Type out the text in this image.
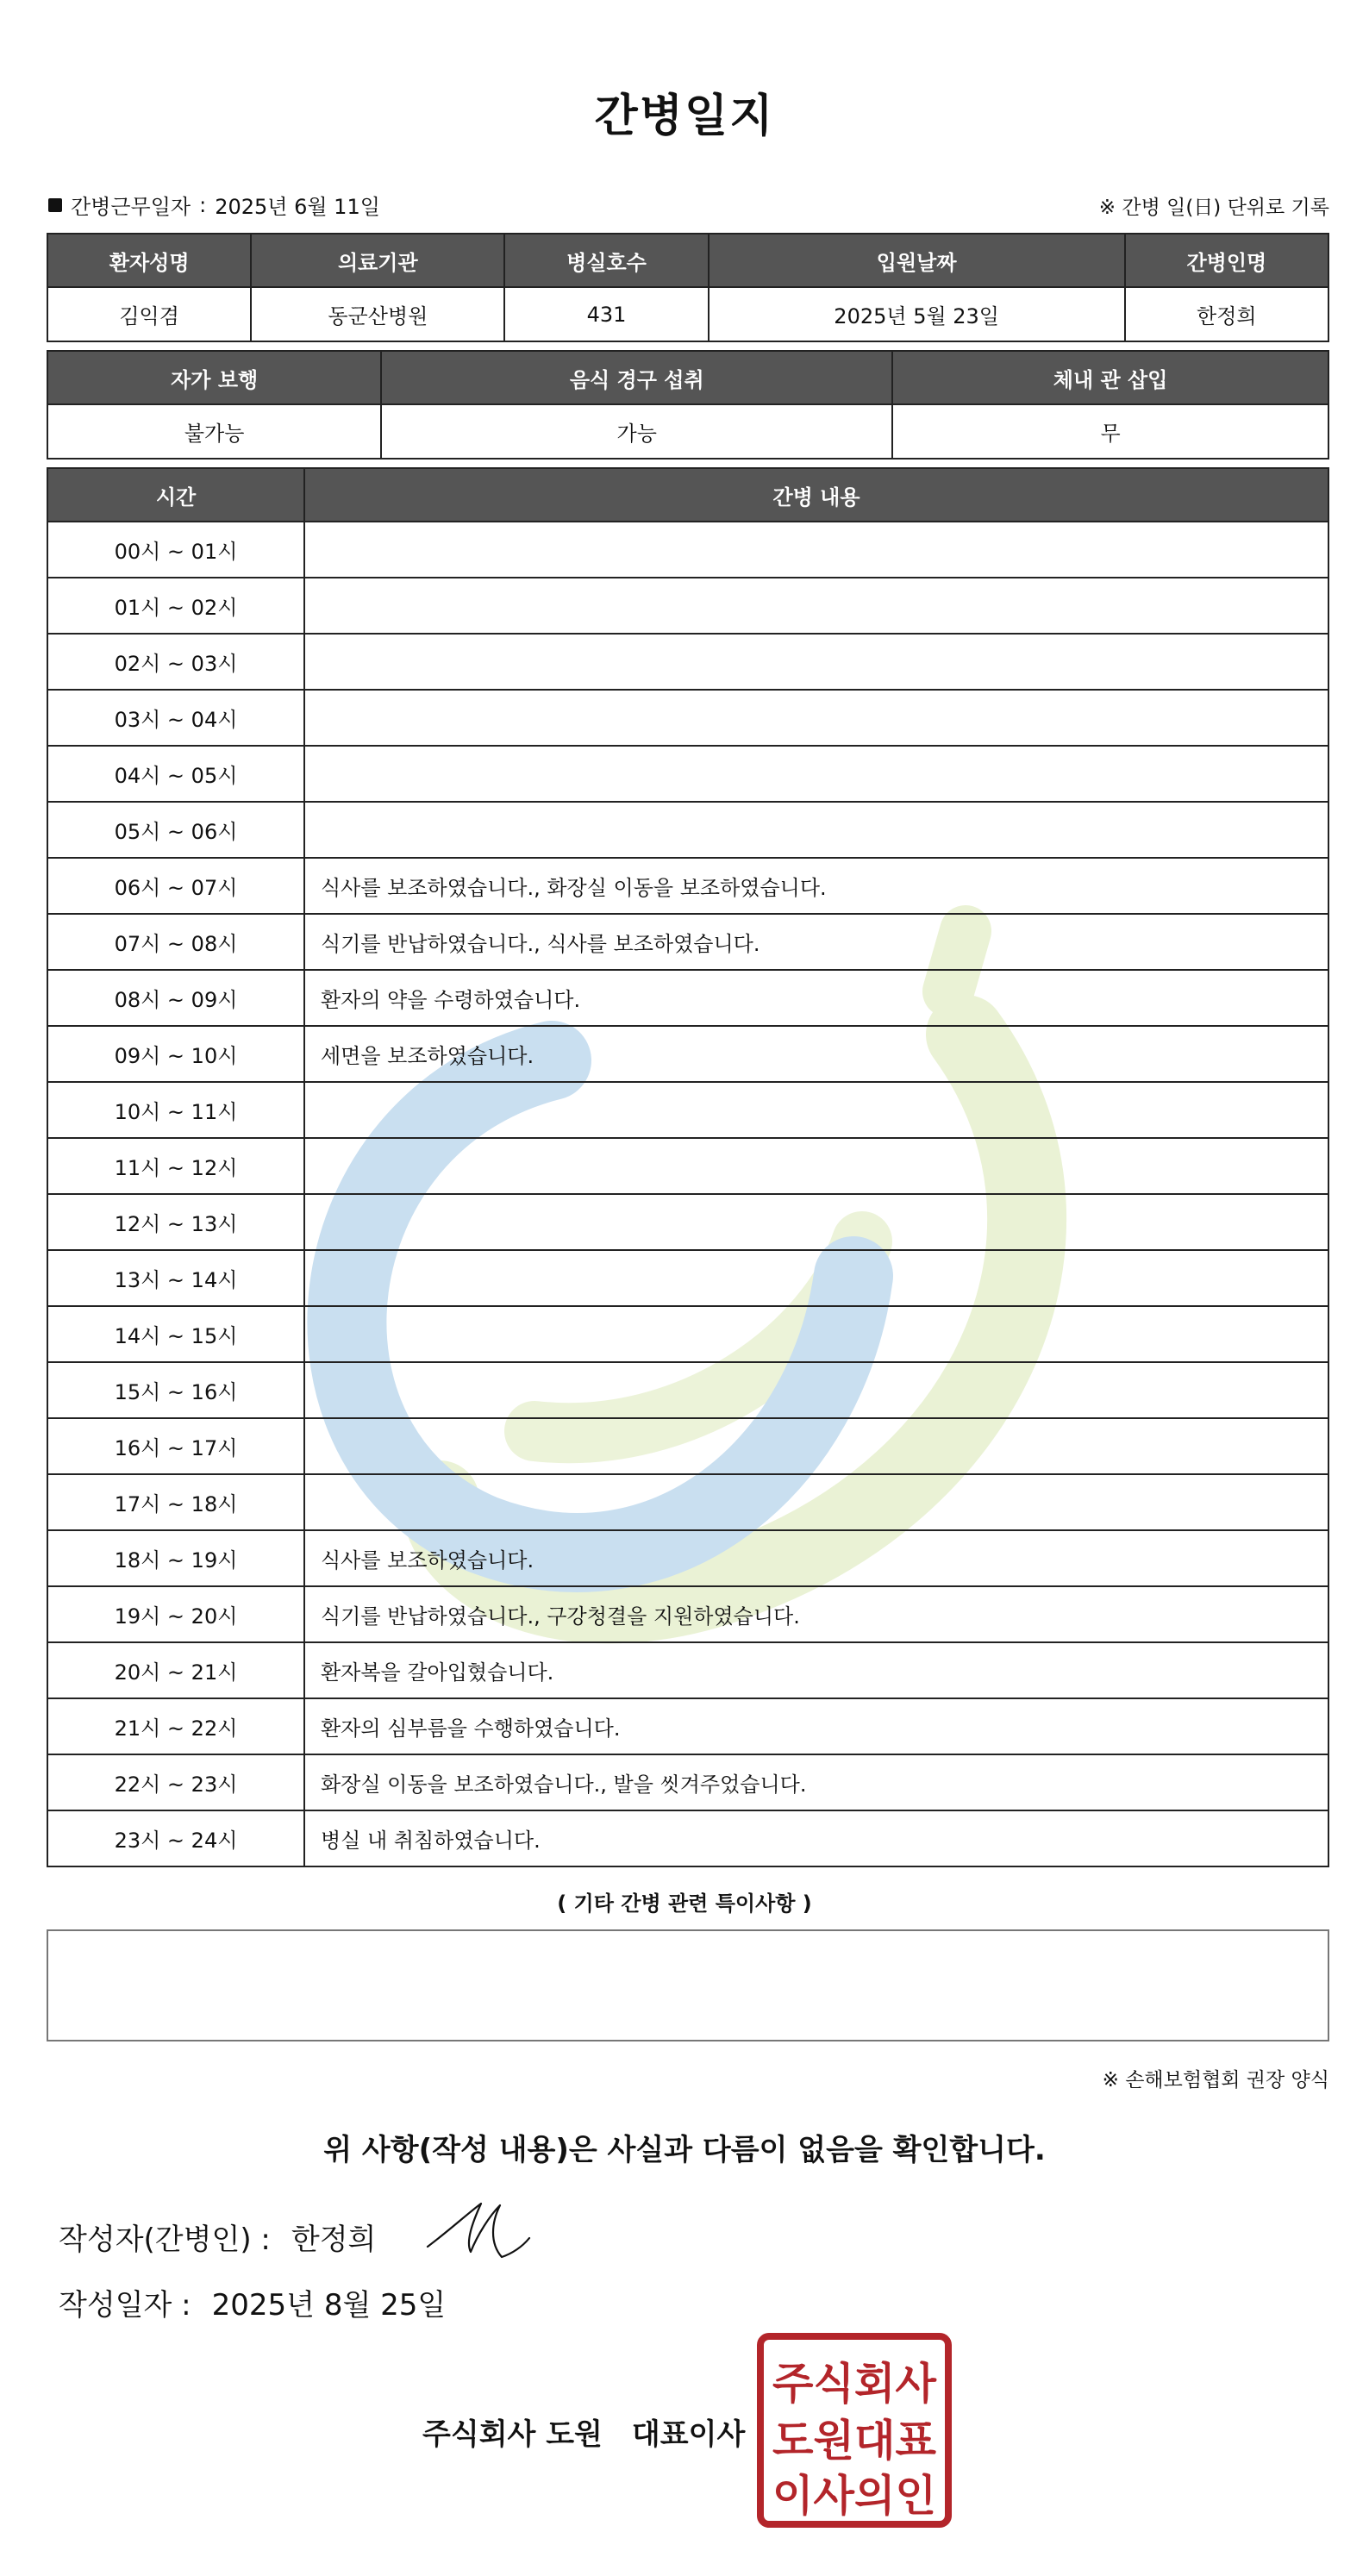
간병일지
간병근무일자 : 2025년 6월 11일	※ 간병 일(日) 단위로 기록
환자성명	의료기관	병실호수	입원날짜	간병인명
김익겸	동군산병원	431	2025년 5월 23일	한정희
자가 보행	음식 경구 섭취	체내 관 삽입
불가능	가능	무
시간	간병 내용
00시 ~ 01시	
01시 ~ 02시	
02시 ~ 03시	
03시 ~ 04시	
04시 ~ 05시	
05시 ~ 06시	
06시 ~ 07시	식사를 보조하였습니다., 화장실 이동을 보조하였습니다.
07시 ~ 08시	식기를 반납하였습니다., 식사를 보조하였습니다.
08시 ~ 09시	환자의 약을 수령하였습니다.
09시 ~ 10시	세면을 보조하였습니다.
10시 ~ 11시	
11시 ~ 12시	
12시 ~ 13시	
13시 ~ 14시	
14시 ~ 15시	
15시 ~ 16시	
16시 ~ 17시	
17시 ~ 18시	
18시 ~ 19시	식사를 보조하였습니다.
19시 ~ 20시	식기를 반납하였습니다., 구강청결을 지원하였습니다.
20시 ~ 21시	환자복을 갈아입혔습니다.
21시 ~ 22시	환자의 심부름을 수행하였습니다.
22시 ~ 23시	화장실 이동을 보조하였습니다., 발을 씻겨주었습니다.
23시 ~ 24시	병실 내 취침하였습니다.
( 기타 간병 관련 특이사항 )
※ 손해보험협회 권장 양식
위 사항(작성 내용)은 사실과 다름이 없음을 확인합니다.
작성자(간병인) : 한정희
작성일자 : 2025년 8월 25일
주식회사 도원 대표이사
주식회사
도원대표
이사의인
